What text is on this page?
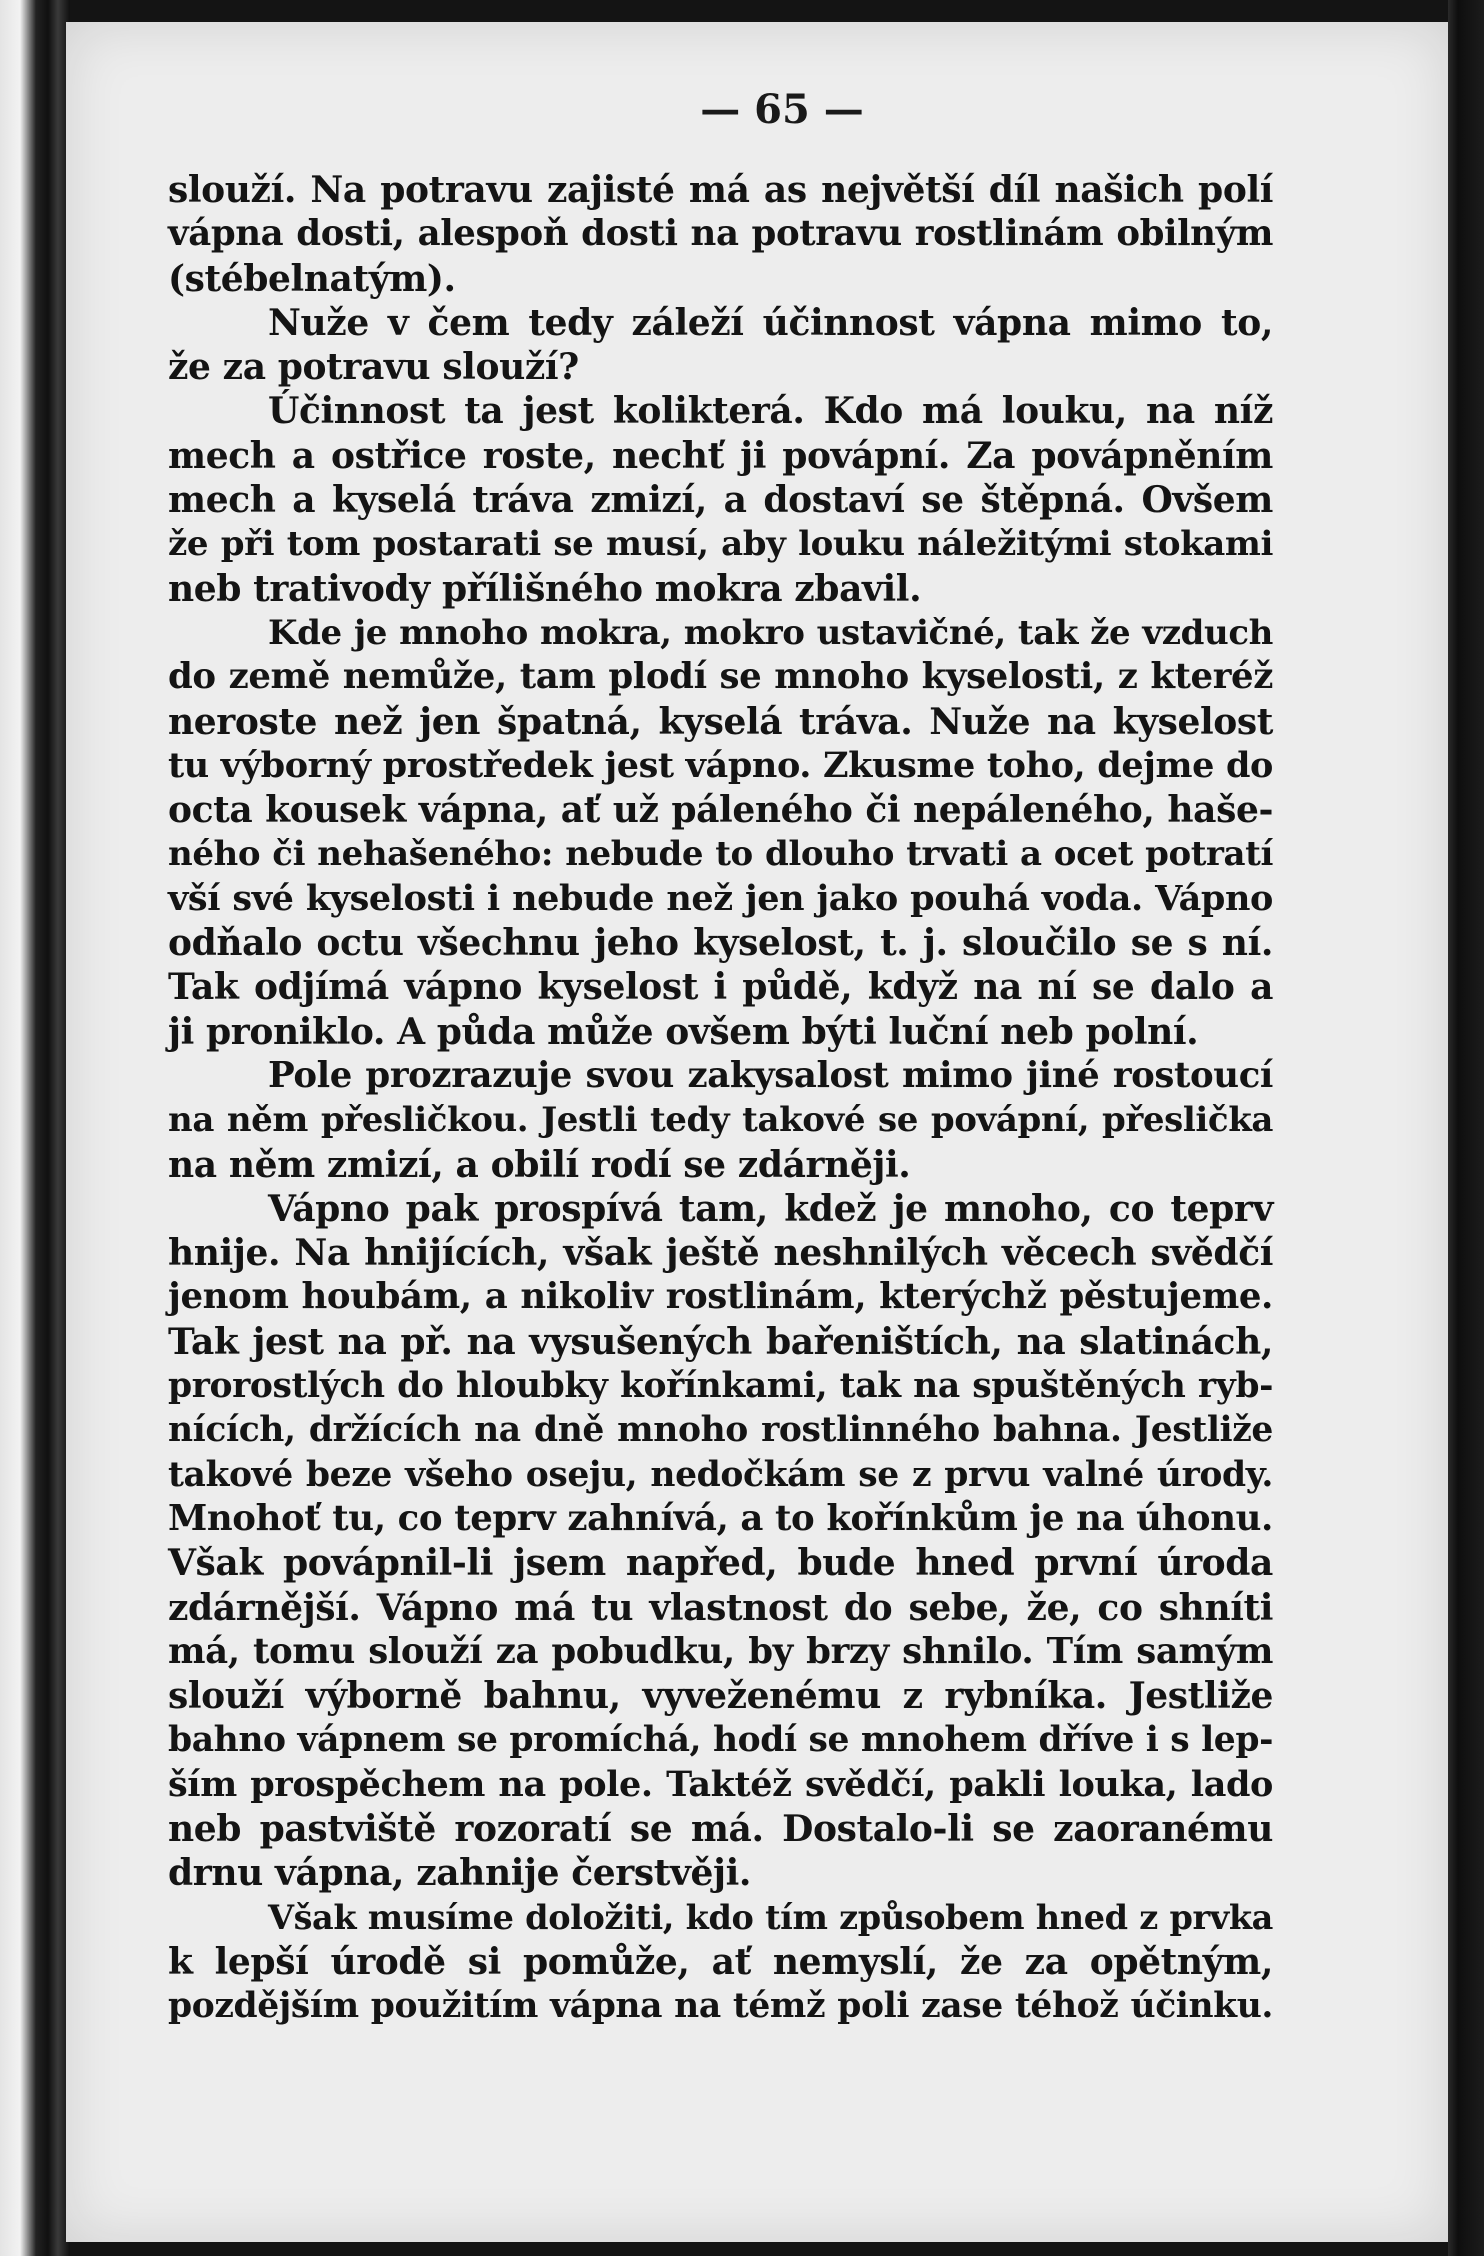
— 65 —
slouží. Na potravu zajisté má as největší díl našich polí
vápna dosti, alespoň dosti na potravu rostlinám obilným
(stébelnatým).
Nuže v čem tedy záleží účinnost vápna mimo to,
že za potravu slouží?
Účinnost ta jest kolikterá. Kdo má louku, na níž
mech a ostřice roste, nechť ji povápní. Za povápněním
mech a kyselá tráva zmizí, a dostaví se štěpná. Ovšem
že při tom postarati se musí, aby louku náležitými stokami
neb trativody přílišného mokra zbavil.
Kde je mnoho mokra, mokro ustavičné, tak že vzduch
do země nemůže, tam plodí se mnoho kyselosti, z kteréž
neroste než jen špatná, kyselá tráva. Nuže na kyselost
tu výborný prostředek jest vápno. Zkusme toho, dejme do
octa kousek vápna, ať už páleného či nepáleného, haše-
ného či nehašeného: nebude to dlouho trvati a ocet potratí
vší své kyselosti i nebude než jen jako pouhá voda. Vápno
odňalo octu všechnu jeho kyselost, t. j. sloučilo se s ní.
Tak odjímá vápno kyselost i půdě, když na ní se dalo a
ji proniklo. A půda může ovšem býti luční neb polní.
Pole prozrazuje svou zakysalost mimo jiné rostoucí
na něm přesličkou. Jestli tedy takové se povápní, přeslička
na něm zmizí, a obilí rodí se zdárněji.
Vápno pak prospívá tam, kdež je mnoho, co teprv
hnije. Na hnijících, však ještě neshnilých věcech svědčí
jenom houbám, a nikoliv rostlinám, kterýchž pěstujeme.
Tak jest na př. na vysušených bařeništích, na slatinách,
prorostlých do hloubky kořínkami, tak na spuštěných ryb-
nících, držících na dně mnoho rostlinného bahna. Jestliže
takové beze všeho oseju, nedočkám se z prvu valné úrody.
Mnohoť tu, co teprv zahnívá, a to kořínkům je na úhonu.
Však povápnil-li jsem napřed, bude hned první úroda
zdárnější. Vápno má tu vlastnost do sebe, že, co shníti
má, tomu slouží za pobudku, by brzy shnilo. Tím samým
slouží výborně bahnu, vyveženému z rybníka. Jestliže
bahno vápnem se promíchá, hodí se mnohem dříve i s lep-
ším prospěchem na pole. Taktéž svědčí, pakli louka, lado
neb pastviště rozoratí se má. Dostalo-li se zaoranému
drnu vápna, zahnije čerstvěji.
Však musíme doložiti, kdo tím způsobem hned z prvka
k lepší úrodě si pomůže, ať nemyslí, že za opětným,
pozdějším použitím vápna na témž poli zase téhož účinku.
